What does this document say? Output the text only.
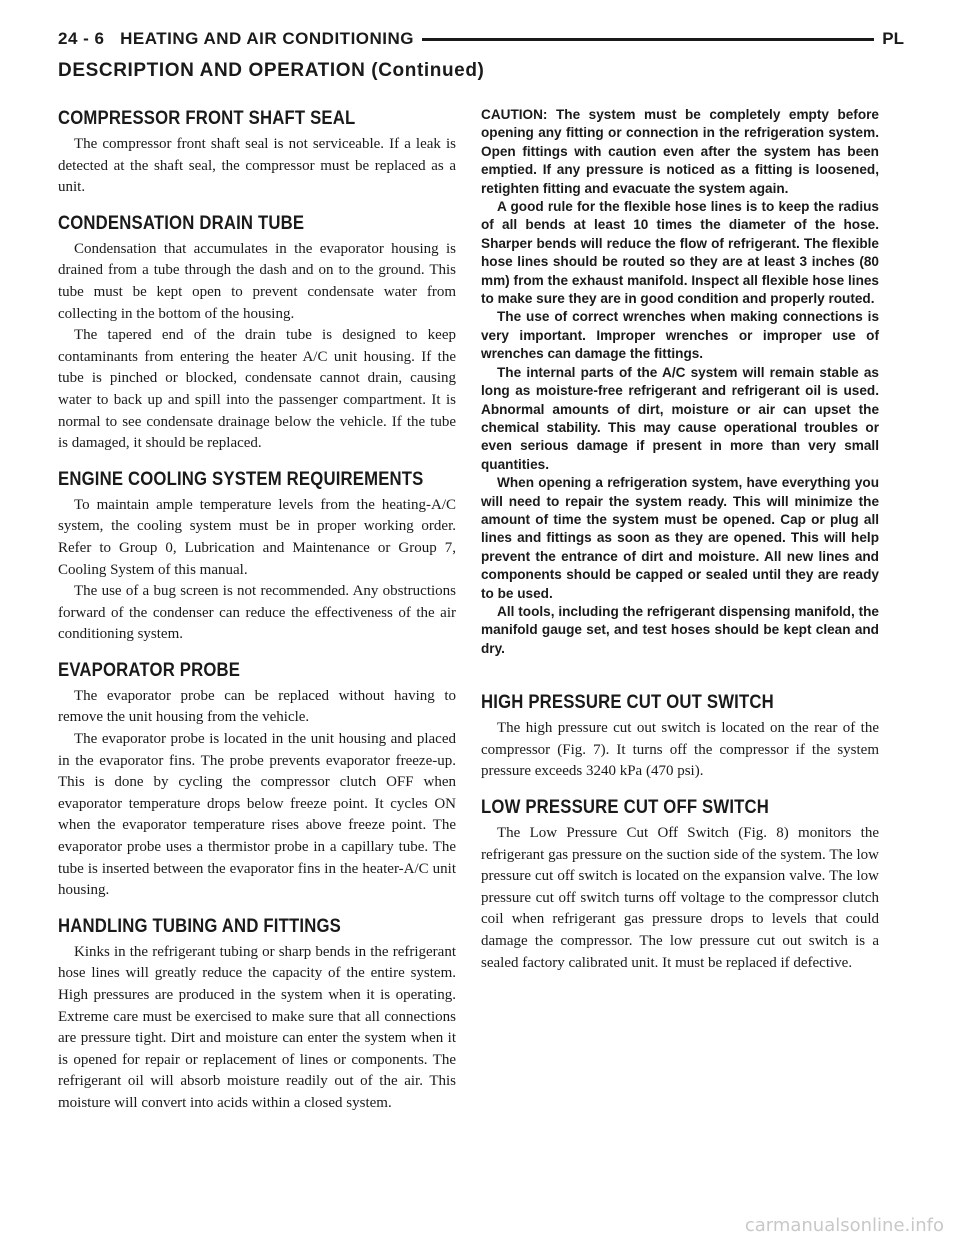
24 - 6 HEATING AND AIR CONDITIONING	PL
DESCRIPTION AND OPERATION (Continued)
COMPRESSOR FRONT SHAFT SEAL

The compressor front shaft seal is not serviceable. If a leak is detected at the shaft seal, the compressor must be replaced as a unit.

CONDENSATION DRAIN TUBE

Condensation that accumulates in the evaporator housing is drained from a tube through the dash and on to the ground. This tube must be kept open to prevent condensate water from collecting in the bottom of the housing.

The tapered end of the drain tube is designed to keep contaminants from entering the heater A/C unit housing. If the tube is pinched or blocked, condensate cannot drain, causing water to back up and spill into the passenger compartment. It is normal to see condensate drainage below the vehicle. If the tube is damaged, it should be replaced.

ENGINE COOLING SYSTEM REQUIREMENTS

To maintain ample temperature levels from the heating-A/C system, the cooling system must be in proper working order. Refer to Group 0, Lubrication and Maintenance or Group 7, Cooling System of this manual.

The use of a bug screen is not recommended. Any obstructions forward of the condenser can reduce the effectiveness of the air conditioning system.

EVAPORATOR PROBE

The evaporator probe can be replaced without having to remove the unit housing from the vehicle.

The evaporator probe is located in the unit housing and placed in the evaporator fins. The probe prevents evaporator freeze-up. This is done by cycling the compressor clutch OFF when evaporator temperature drops below freeze point. It cycles ON when the evaporator temperature rises above freeze point. The evaporator probe uses a thermistor probe in a capillary tube. The tube is inserted between the evaporator fins in the heater-A/C unit housing.

HANDLING TUBING AND FITTINGS

Kinks in the refrigerant tubing or sharp bends in the refrigerant hose lines will greatly reduce the capacity of the entire system. High pressures are produced in the system when it is operating. Extreme care must be exercised to make sure that all connections are pressure tight. Dirt and moisture can enter the system when it is opened for repair or replacement of lines or components. The refrigerant oil will absorb moisture readily out of the air. This moisture will convert into acids within a closed system.

CAUTION: The system must be completely empty before opening any fitting or connection in the refrigeration system. Open fittings with caution even after the system has been emptied. If any pressure is noticed as a fitting is loosened, retighten fitting and evacuate the system again.

A good rule for the flexible hose lines is to keep the radius of all bends at least 10 times the diameter of the hose. Sharper bends will reduce the flow of refrigerant. The flexible hose lines should be routed so they are at least 3 inches (80 mm) from the exhaust manifold. Inspect all flexible hose lines to make sure they are in good condition and properly routed.

The use of correct wrenches when making connections is very important. Improper wrenches or improper use of wrenches can damage the fittings.

The internal parts of the A/C system will remain stable as long as moisture-free refrigerant and refrigerant oil is used. Abnormal amounts of dirt, moisture or air can upset the chemical stability. This may cause operational troubles or even serious damage if present in more than very small quantities.

When opening a refrigeration system, have everything you will need to repair the system ready. This will minimize the amount of time the system must be opened. Cap or plug all lines and fittings as soon as they are opened. This will help prevent the entrance of dirt and moisture. All new lines and components should be capped or sealed until they are ready to be used.

All tools, including the refrigerant dispensing manifold, the manifold gauge set, and test hoses should be kept clean and dry.

HIGH PRESSURE CUT OUT SWITCH

The high pressure cut out switch is located on the rear of the compressor (Fig. 7). It turns off the compressor if the system pressure exceeds 3240 kPa (470 psi).

LOW PRESSURE CUT OFF SWITCH

The Low Pressure Cut Off Switch (Fig. 8) monitors the refrigerant gas pressure on the suction side of the system. The low pressure cut off switch is located on the expansion valve. The low pressure cut off switch turns off voltage to the compressor clutch coil when refrigerant gas pressure drops to levels that could damage the compressor. The low pressure cut out switch is a sealed factory calibrated unit. It must be replaced if defective.

carmanualsonline.info
